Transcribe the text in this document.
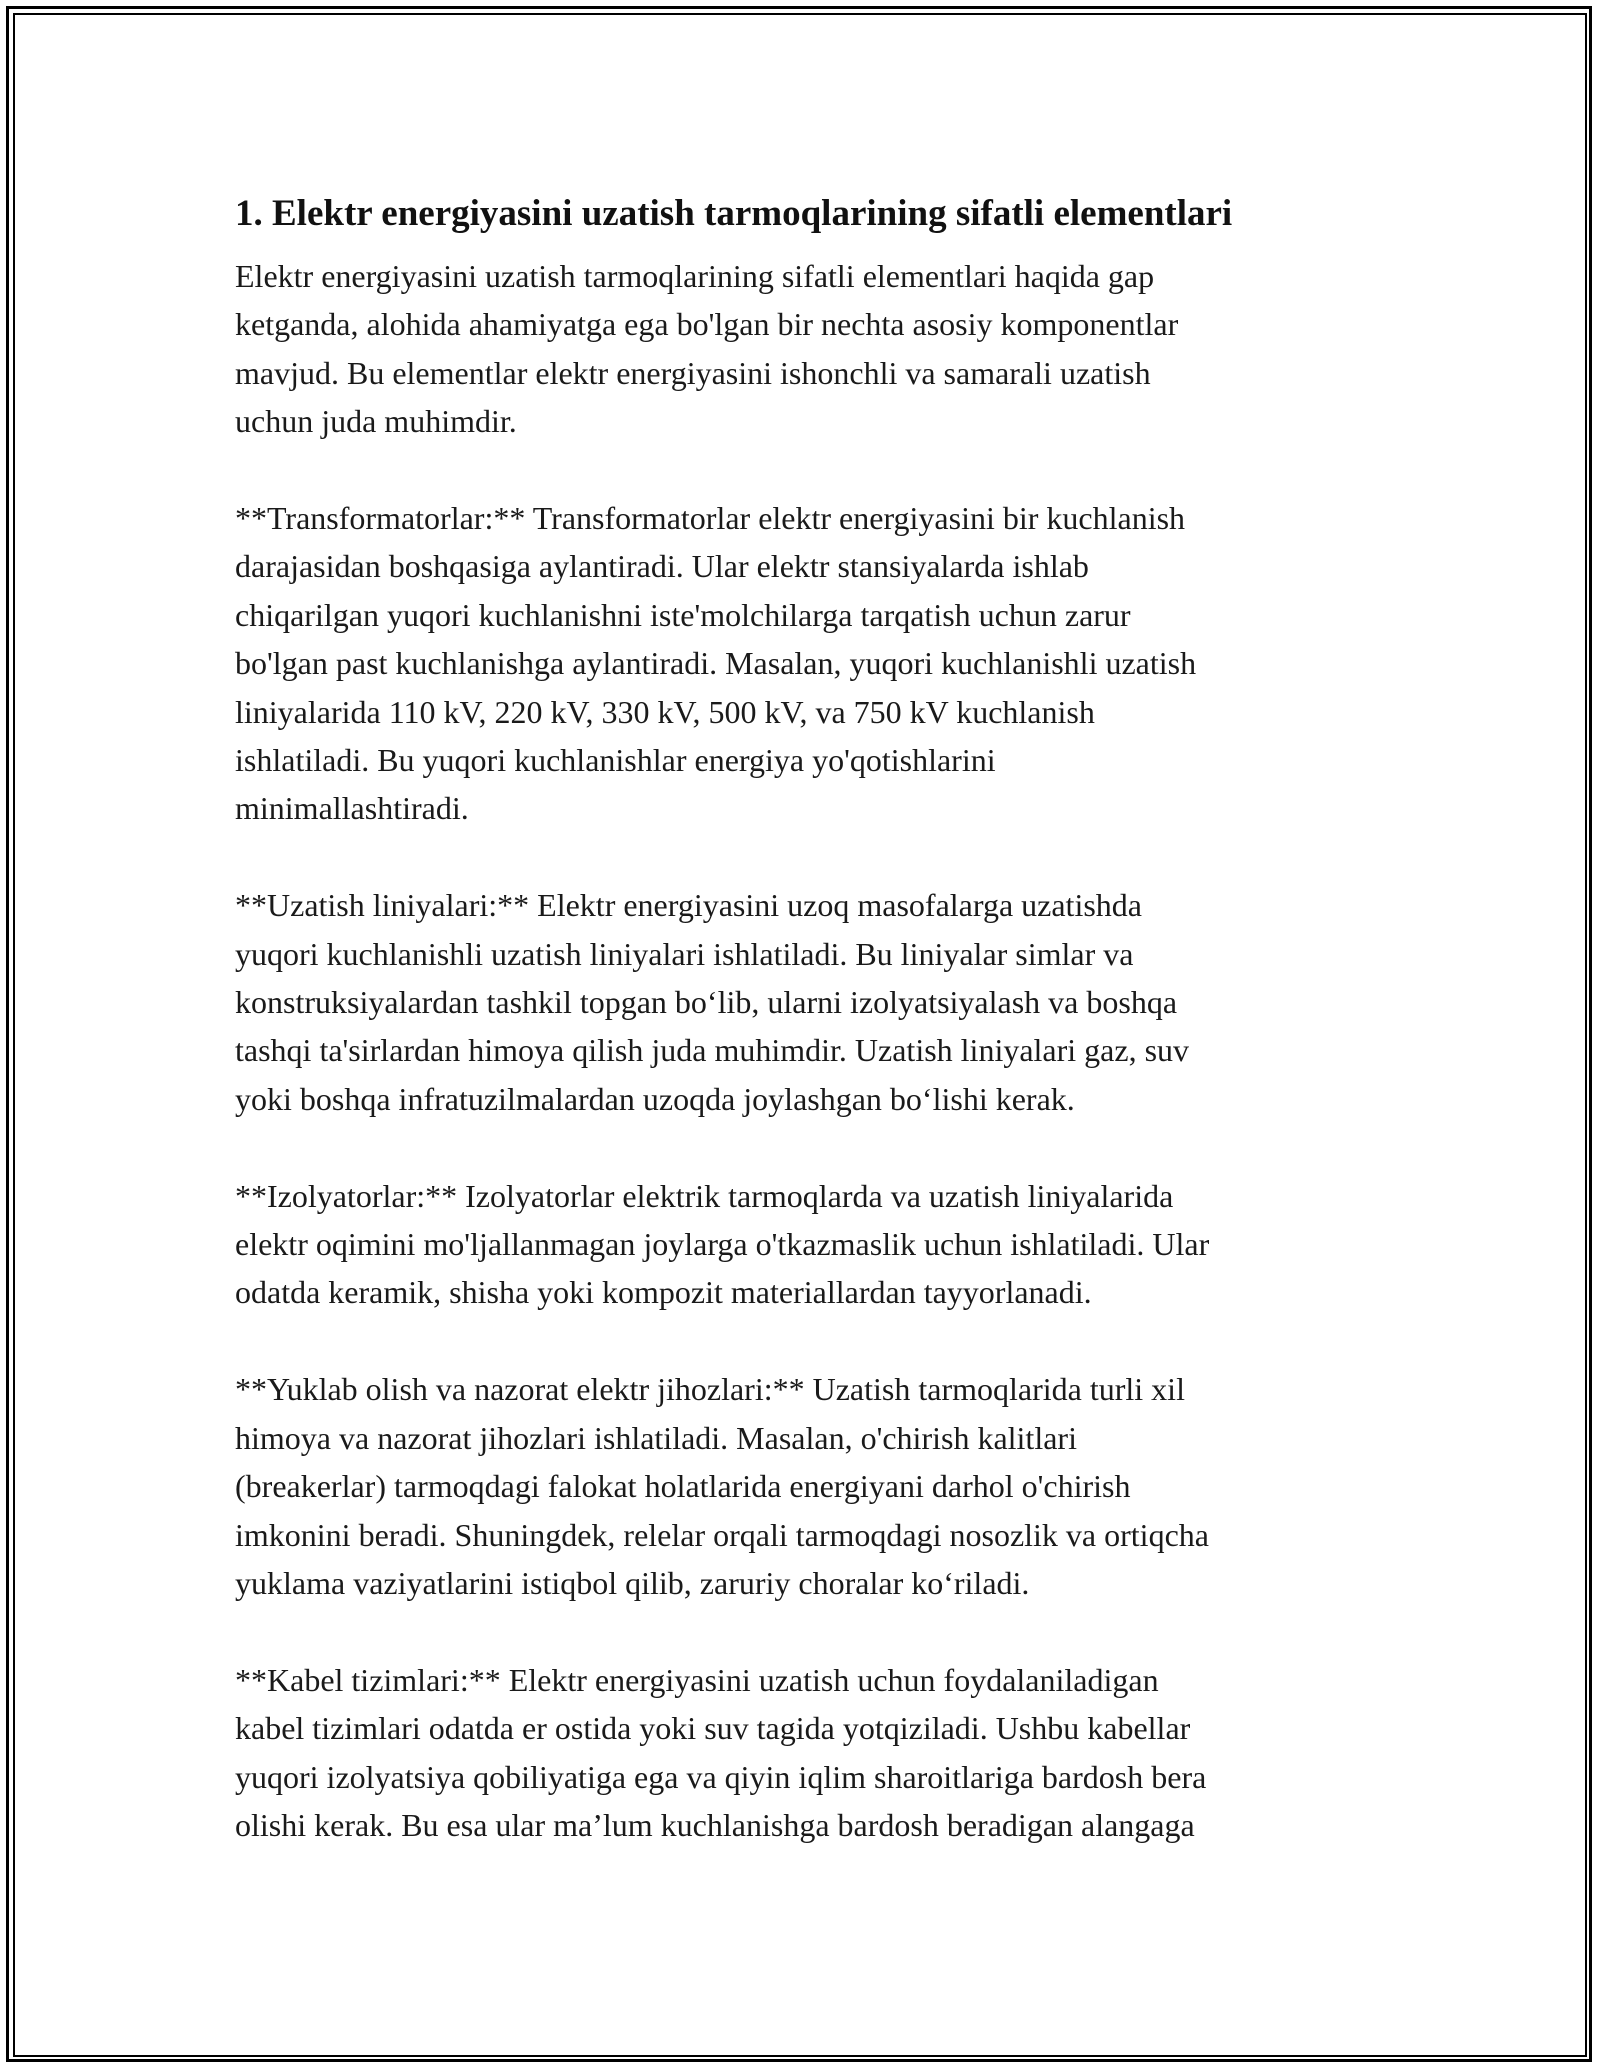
1. Elektr energiyasini uzatish tarmoqlarining sifatli elementlari

Elektr energiyasini uzatish tarmoqlarining sifatli elementlari haqida gap
ketganda, alohida ahamiyatga ega bo'lgan bir nechta asosiy komponentlar
mavjud. Bu elementlar elektr energiyasini ishonchli va samarali uzatish
uchun juda muhimdir.

**Transformatorlar:** Transformatorlar elektr energiyasini bir kuchlanish
darajasidan boshqasiga aylantiradi. Ular elektr stansiyalarda ishlab
chiqarilgan yuqori kuchlanishni iste'molchilarga tarqatish uchun zarur
bo'lgan past kuchlanishga aylantiradi. Masalan, yuqori kuchlanishli uzatish
liniyalarida 110 kV, 220 kV, 330 kV, 500 kV, va 750 kV kuchlanish
ishlatiladi. Bu yuqori kuchlanishlar energiya yo'qotishlarini
minimallashtiradi.

**Uzatish liniyalari:** Elektr energiyasini uzoq masofalarga uzatishda
yuqori kuchlanishli uzatish liniyalari ishlatiladi. Bu liniyalar simlar va
konstruksiyalardan tashkil topgan bo‘lib, ularni izolyatsiyalash va boshqa
tashqi ta'sirlardan himoya qilish juda muhimdir. Uzatish liniyalari gaz, suv
yoki boshqa infratuzilmalardan uzoqda joylashgan bo‘lishi kerak.

**Izolyatorlar:** Izolyatorlar elektrik tarmoqlarda va uzatish liniyalarida
elektr oqimini mo'ljallanmagan joylarga o'tkazmaslik uchun ishlatiladi. Ular
odatda keramik, shisha yoki kompozit materiallardan tayyorlanadi.

**Yuklab olish va nazorat elektr jihozlari:** Uzatish tarmoqlarida turli xil
himoya va nazorat jihozlari ishlatiladi. Masalan, o'chirish kalitlari
(breakerlar) tarmoqdagi falokat holatlarida energiyani darhol o'chirish
imkonini beradi. Shuningdek, relelar orqali tarmoqdagi nosozlik va ortiqcha
yuklama vaziyatlarini istiqbol qilib, zaruriy choralar ko‘riladi.

**Kabel tizimlari:** Elektr energiyasini uzatish uchun foydalaniladigan
kabel tizimlari odatda er ostida yoki suv tagida yotqiziladi. Ushbu kabellar
yuqori izolyatsiya qobiliyatiga ega va qiyin iqlim sharoitlariga bardosh bera
olishi kerak. Bu esa ular ma’lum kuchlanishga bardosh beradigan alangaga
